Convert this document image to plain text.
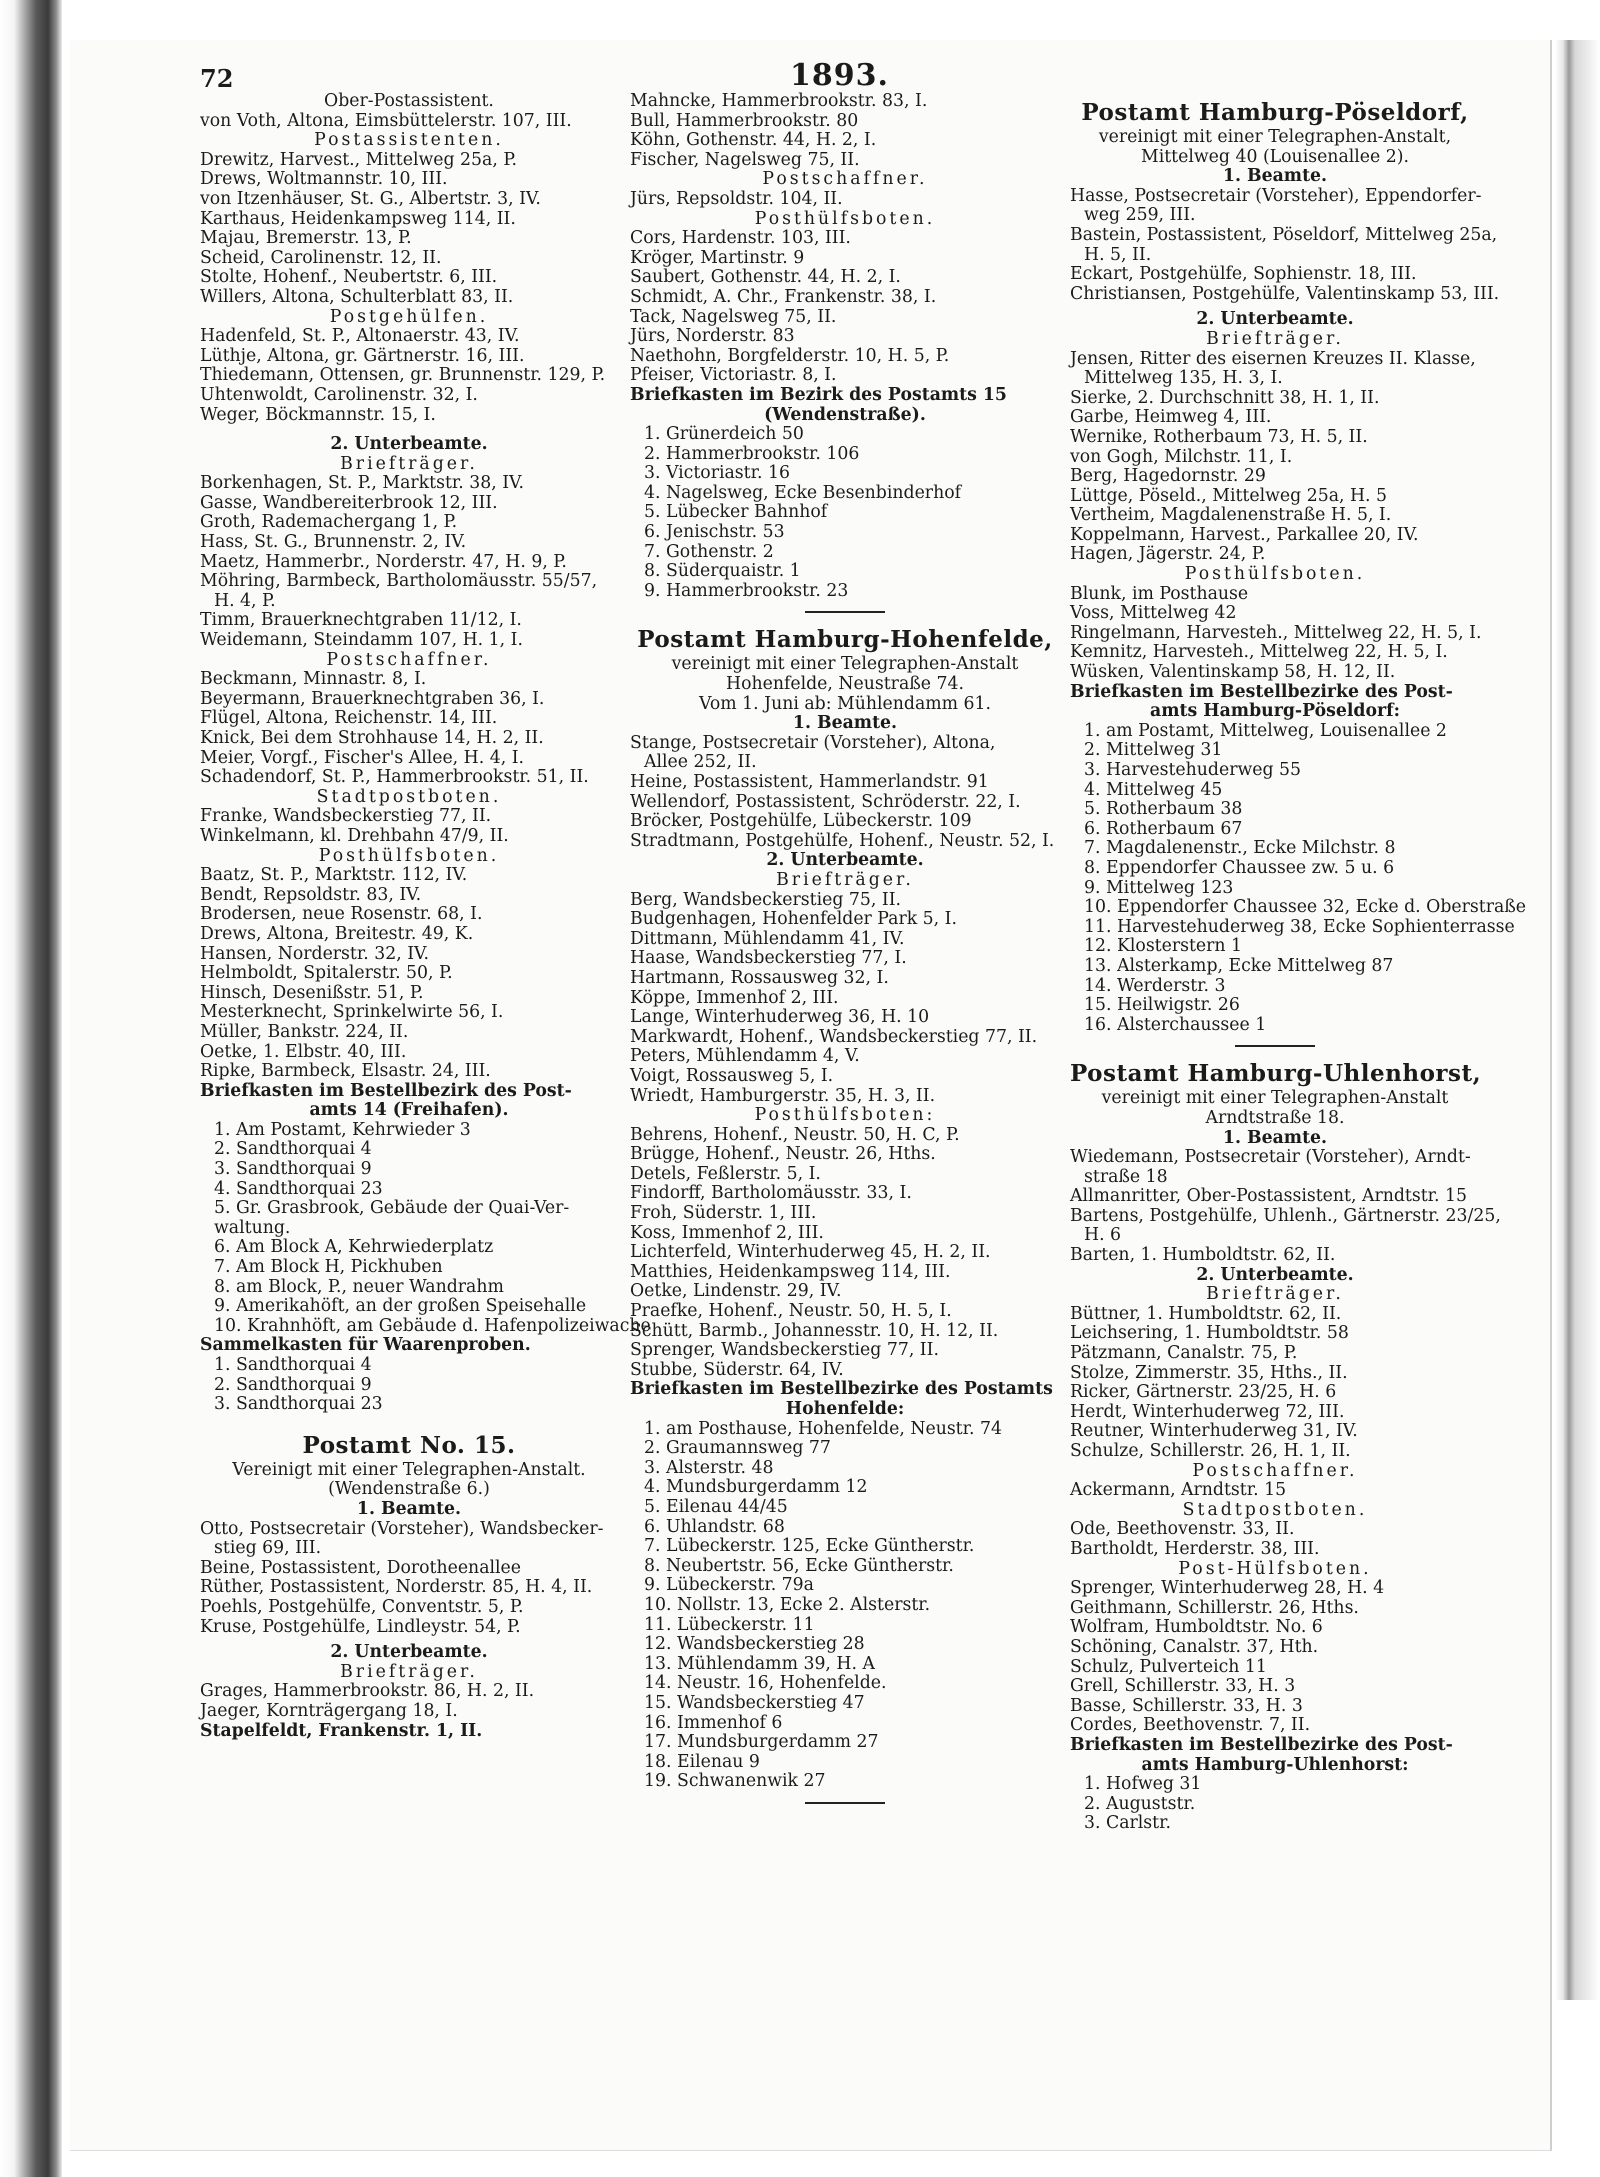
72	1893.
Ober-Postassistent.
von Voth, Altona, Eimsbüttelerstr. 107, III.
Postassistenten.
Drewitz, Harvest., Mittelweg 25a, P.
Drews, Woltmannstr. 10, III.
von Itzenhäuser, St. G., Albertstr. 3, IV.
Karthaus, Heidenkampsweg 114, II.
Majau, Bremerstr. 13, P.
Scheid, Carolinenstr. 12, II.
Stolte, Hohenf., Neubertstr. 6, III.
Willers, Altona, Schulterblatt 83, II.
Postgehülfen.
Hadenfeld, St. P., Altonaerstr. 43, IV.
Lüthje, Altona, gr. Gärtnerstr. 16, III.
Thiedemann, Ottensen, gr. Brunnenstr. 129, P.
Uhtenwoldt, Carolinenstr. 32, I.
Weger, Böckmannstr. 15, I.
2. Unterbeamte.
Briefträger.
Borkenhagen, St. P., Marktstr. 38, IV.
Gasse, Wandbereiterbrook 12, III.
Groth, Rademachergang 1, P.
Hass, St. G., Brunnenstr. 2, IV.
Maetz, Hammerbr., Norderstr. 47, H. 9, P.
Möhring, Barmbeck, Bartholomäusstr. 55/57,
H. 4, P.
Timm, Brauerknechtgraben 11/12, I.
Weidemann, Steindamm 107, H. 1, I.
Postschaffner.
Beckmann, Minnastr. 8, I.
Beyermann, Brauerknechtgraben 36, I.
Flügel, Altona, Reichenstr. 14, III.
Knick, Bei dem Strohhause 14, H. 2, II.
Meier, Vorgf., Fischer's Allee, H. 4, I.
Schadendorf, St. P., Hammerbrookstr. 51, II.
Stadtpostboten.
Franke, Wandsbeckerstieg 77, II.
Winkelmann, kl. Drehbahn 47/9, II.
Posthülfsboten.
Baatz, St. P., Marktstr. 112, IV.
Bendt, Repsoldstr. 83, IV.
Brodersen, neue Rosenstr. 68, I.
Drews, Altona, Breitestr. 49, K.
Hansen, Norderstr. 32, IV.
Helmboldt, Spitalerstr. 50, P.
Hinsch, Desenißstr. 51, P.
Mesterknecht, Sprinkelwirte 56, I.
Müller, Bankstr. 224, II.
Oetke, 1. Elbstr. 40, III.
Ripke, Barmbeck, Elsastr. 24, III.
Briefkasten im Bestellbezirk des Post-
amts 14 (Freihafen).
1. Am Postamt, Kehrwieder 3
2. Sandthorquai 4
3. Sandthorquai 9
4. Sandthorquai 23
5. Gr. Grasbrook, Gebäude der Quai-Ver-
waltung.
6. Am Block A, Kehrwiederplatz
7. Am Block H, Pickhuben
8. am Block, P., neuer Wandrahm
9. Amerikahöft, an der großen Speisehalle
10. Krahnhöft, am Gebäude d. Hafenpolizeiwache
Sammelkasten für Waarenproben.
1. Sandthorquai 4
2. Sandthorquai 9
3. Sandthorquai 23
Postamt No. 15.
Vereinigt mit einer Telegraphen-Anstalt.
(Wendenstraße 6.)
1. Beamte.
Otto, Postsecretair (Vorsteher), Wandsbecker-
stieg 69, III.
Beine, Postassistent, Dorotheenallee
Rüther, Postassistent, Norderstr. 85, H. 4, II.
Poehls, Postgehülfe, Conventstr. 5, P.
Kruse, Postgehülfe, Lindleystr. 54, P.
2. Unterbeamte.
Briefträger.
Grages, Hammerbrookstr. 86, H. 2, II.
Jaeger, Kornträgergang 18, I.
Stapelfeldt, Frankenstr. 1, II.
Mahncke, Hammerbrookstr. 83, I.
Bull, Hammerbrookstr. 80
Köhn, Gothenstr. 44, H. 2, I.
Fischer, Nagelsweg 75, II.
Postschaffner.
Jürs, Repsoldstr. 104, II.
Posthülfsboten.
Cors, Hardenstr. 103, III.
Kröger, Martinstr. 9
Saubert, Gothenstr. 44, H. 2, I.
Schmidt, A. Chr., Frankenstr. 38, I.
Tack, Nagelsweg 75, II.
Jürs, Norderstr. 83
Naethohn, Borgfelderstr. 10, H. 5, P.
Pfeiser, Victoriastr. 8, I.
Briefkasten im Bezirk des Postamts 15
(Wendenstraße).
1. Grünerdeich 50
2. Hammerbrookstr. 106
3. Victoriastr. 16
4. Nagelsweg, Ecke Besenbinderhof
5. Lübecker Bahnhof
6. Jenischstr. 53
7. Gothenstr. 2
8. Süderquaistr. 1
9. Hammerbrookstr. 23
Postamt Hamburg-Hohenfelde,
vereinigt mit einer Telegraphen-Anstalt
Hohenfelde, Neustraße 74.
Vom 1. Juni ab: Mühlendamm 61.
1. Beamte.
Stange, Postsecretair (Vorsteher), Altona,
Allee 252, II.
Heine, Postassistent, Hammerlandstr. 91
Wellendorf, Postassistent, Schröderstr. 22, I.
Bröcker, Postgehülfe, Lübeckerstr. 109
Stradtmann, Postgehülfe, Hohenf., Neustr. 52, I.
2. Unterbeamte.
Briefträger.
Berg, Wandsbeckerstieg 75, II.
Budgenhagen, Hohenfelder Park 5, I.
Dittmann, Mühlendamm 41, IV.
Haase, Wandsbeckerstieg 77, I.
Hartmann, Rossausweg 32, I.
Köppe, Immenhof 2, III.
Lange, Winterhuderweg 36, H. 10
Markwardt, Hohenf., Wandsbeckerstieg 77, II.
Peters, Mühlendamm 4, V.
Voigt, Rossausweg 5, I.
Wriedt, Hamburgerstr. 35, H. 3, II.
Posthülfsboten:
Behrens, Hohenf., Neustr. 50, H. C, P.
Brügge, Hohenf., Neustr. 26, Hths.
Detels, Feßlerstr. 5, I.
Findorff, Bartholomäusstr. 33, I.
Froh, Süderstr. 1, III.
Koss, Immenhof 2, III.
Lichterfeld, Winterhuderweg 45, H. 2, II.
Matthies, Heidenkampsweg 114, III.
Oetke, Lindenstr. 29, IV.
Praefke, Hohenf., Neustr. 50, H. 5, I.
Schütt, Barmb., Johannesstr. 10, H. 12, II.
Sprenger, Wandsbeckerstieg 77, II.
Stubbe, Süderstr. 64, IV.
Briefkasten im Bestellbezirke des Postamts
Hohenfelde:
1. am Posthause, Hohenfelde, Neustr. 74
2. Graumannsweg 77
3. Alsterstr. 48
4. Mundsburgerdamm 12
5. Eilenau 44/45
6. Uhlandstr. 68
7. Lübeckerstr. 125, Ecke Güntherstr.
8. Neubertstr. 56, Ecke Güntherstr.
9. Lübeckerstr. 79a
10. Nollstr. 13, Ecke 2. Alsterstr.
11. Lübeckerstr. 11
12. Wandsbeckerstieg 28
13. Mühlendamm 39, H. A
14. Neustr. 16, Hohenfelde.
15. Wandsbeckerstieg 47
16. Immenhof 6
17. Mundsburgerdamm 27
18. Eilenau 9
19. Schwanenwik 27
Postamt Hamburg-Pöseldorf,
vereinigt mit einer Telegraphen-Anstalt,
Mittelweg 40 (Louisenallee 2).
1. Beamte.
Hasse, Postsecretair (Vorsteher), Eppendorfer-
weg 259, III.
Bastein, Postassistent, Pöseldorf, Mittelweg 25a,
H. 5, II.
Eckart, Postgehülfe, Sophienstr. 18, III.
Christiansen, Postgehülfe, Valentinskamp 53, III.
2. Unterbeamte.
Briefträger.
Jensen, Ritter des eisernen Kreuzes II. Klasse,
Mittelweg 135, H. 3, I.
Sierke, 2. Durchschnitt 38, H. 1, II.
Garbe, Heimweg 4, III.
Wernike, Rotherbaum 73, H. 5, II.
von Gogh, Milchstr. 11, I.
Berg, Hagedornstr. 29
Lüttge, Pöseld., Mittelweg 25a, H. 5
Vertheim, Magdalenenstraße H. 5, I.
Koppelmann, Harvest., Parkallee 20, IV.
Hagen, Jägerstr. 24, P.
Posthülfsboten.
Blunk, im Posthause
Voss, Mittelweg 42
Ringelmann, Harvesteh., Mittelweg 22, H. 5, I.
Kemnitz, Harvesteh., Mittelweg 22, H. 5, I.
Wüsken, Valentinskamp 58, H. 12, II.
Briefkasten im Bestellbezirke des Post-
amts Hamburg-Pöseldorf:
1. am Postamt, Mittelweg, Louisenallee 2
2. Mittelweg 31
3. Harvestehuderweg 55
4. Mittelweg 45
5. Rotherbaum 38
6. Rotherbaum 67
7. Magdalenenstr., Ecke Milchstr. 8
8. Eppendorfer Chaussee zw. 5 u. 6
9. Mittelweg 123
10. Eppendorfer Chaussee 32, Ecke d. Oberstraße
11. Harvestehuderweg 38, Ecke Sophienterrasse
12. Klosterstern 1
13. Alsterkamp, Ecke Mittelweg 87
14. Werderstr. 3
15. Heilwigstr. 26
16. Alsterchaussee 1
Postamt Hamburg-Uhlenhorst,
vereinigt mit einer Telegraphen-Anstalt
Arndtstraße 18.
1. Beamte.
Wiedemann, Postsecretair (Vorsteher), Arndt-
straße 18
Allmanritter, Ober-Postassistent, Arndtstr. 15
Bartens, Postgehülfe, Uhlenh., Gärtnerstr. 23/25,
H. 6
Barten, 1. Humboldtstr. 62, II.
2. Unterbeamte.
Briefträger.
Büttner, 1. Humboldtstr. 62, II.
Leichsering, 1. Humboldtstr. 58
Pätzmann, Canalstr. 75, P.
Stolze, Zimmerstr. 35, Hths., II.
Ricker, Gärtnerstr. 23/25, H. 6
Herdt, Winterhuderweg 72, III.
Reutner, Winterhuderweg 31, IV.
Schulze, Schillerstr. 26, H. 1, II.
Postschaffner.
Ackermann, Arndtstr. 15
Stadtpostboten.
Ode, Beethovenstr. 33, II.
Bartholdt, Herderstr. 38, III.
Post-Hülfsboten.
Sprenger, Winterhuderweg 28, H. 4
Geithmann, Schillerstr. 26, Hths.
Wolfram, Humboldtstr. No. 6
Schöning, Canalstr. 37, Hth.
Schulz, Pulverteich 11
Grell, Schillerstr. 33, H. 3
Basse, Schillerstr. 33, H. 3
Cordes, Beethovenstr. 7, II.
Briefkasten im Bestellbezirke des Post-
amts Hamburg-Uhlenhorst:
1. Hofweg 31
2. Auguststr.
3. Carlstr.
